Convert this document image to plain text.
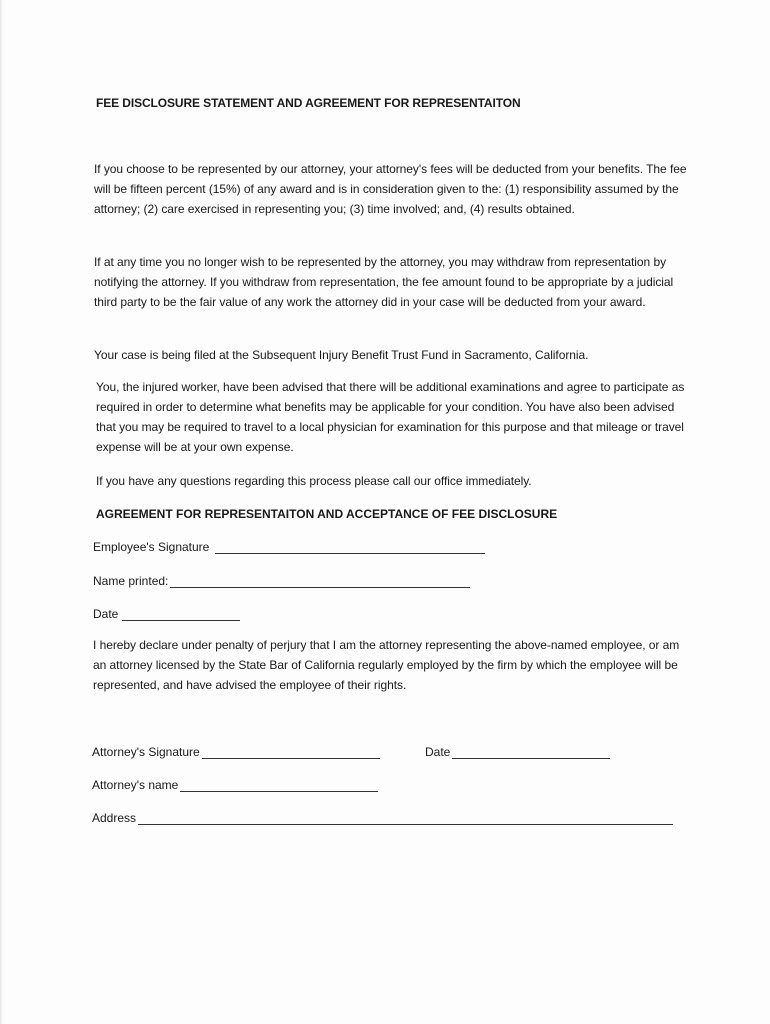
FEE DISCLOSURE STATEMENT AND AGREEMENT FOR REPRESENTAITON

If you choose to be represented by our attorney, your attorney's fees will be deducted from your benefits. The fee will be fifteen percent (15%) of any award and is in consideration given to the: (1) responsibility assumed by the attorney; (2) care exercised in representing you; (3) time involved; and, (4) results obtained.

If at any time you no longer wish to be represented by the attorney, you may withdraw from representation by notifying the attorney. If you withdraw from representation, the fee amount found to be appropriate by a judicial third party to be the fair value of any work the attorney did in your case will be deducted from your award.

Your case is being filed at the Subsequent Injury Benefit Trust Fund in Sacramento, California.

You, the injured worker, have been advised that there will be additional examinations and agree to participate as required in order to determine what benefits may be applicable for your condition. You have also been advised that you may be required to travel to a local physician for examination for this purpose and that mileage or travel expense will be at your own expense.

If you have any questions regarding this process please call our office immediately.

AGREEMENT FOR REPRESENTAITON AND ACCEPTANCE OF FEE DISCLOSURE
Employee's Signature
Name printed:
Date

I hereby declare under penalty of perjury that I am the attorney representing the above-named employee, or am an attorney licensed by the State Bar of California regularly employed by the firm by which the employee will be represented, and have advised the employee of their rights.

Attorney's Signature	Date
Attorney's name
Address
